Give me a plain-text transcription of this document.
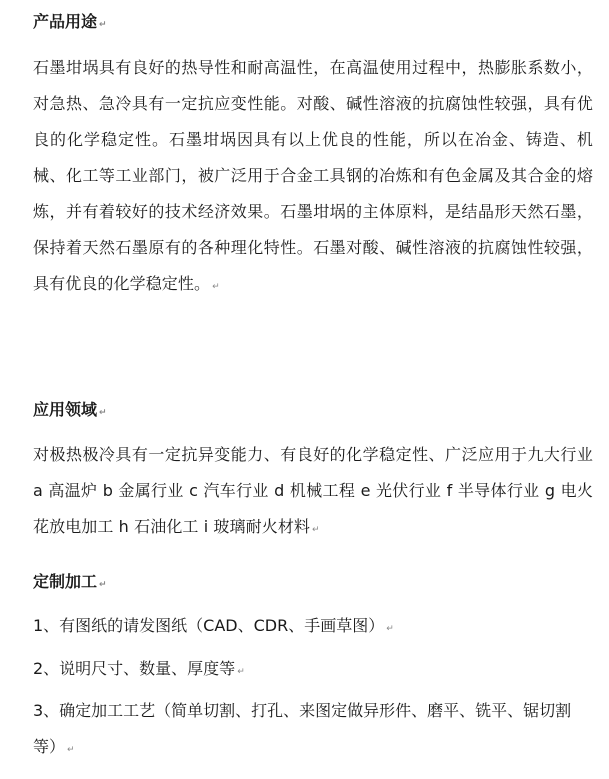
产品用途 ↵

石墨坩埚具有良好的热导性和耐高温性，在高温使用过程中，热膨胀系数小，对急热、急冷具有一定抗应变性能。对酸、碱性溶液的抗腐蚀性较强，具有优良的化学稳定性。石墨坩埚因具有以上优良的性能，所以在冶金、铸造、机械、化工等工业部门，被广泛用于合金工具钢的冶炼和有色金属及其合金的熔炼，并有着较好的技术经济效果。石墨坩埚的主体原料，是结晶形天然石墨，保持着天然石墨原有的各种理化特性。石墨对酸、碱性溶液的抗腐蚀性较强，具有优良的化学稳定性。 ↵

应用领域 ↵

对极热极冷具有一定抗异变能力、有良好的化学稳定性、广泛应用于九大行业 a 高温炉 b 金属行业 c 汽车行业 d 机械工程 e 光伏行业 f 半导体行业 g 电火花放电加工 h 石油化工 i 玻璃耐火材料 ↵

定制加工 ↵

1、有图纸的请发图纸（CAD、CDR、手画草图） ↵

2、说明尺寸、数量、厚度等 ↵

3、确定加工工艺（简单切割、打孔、来图定做异形件、磨平、铣平、锯切割等） ↵
